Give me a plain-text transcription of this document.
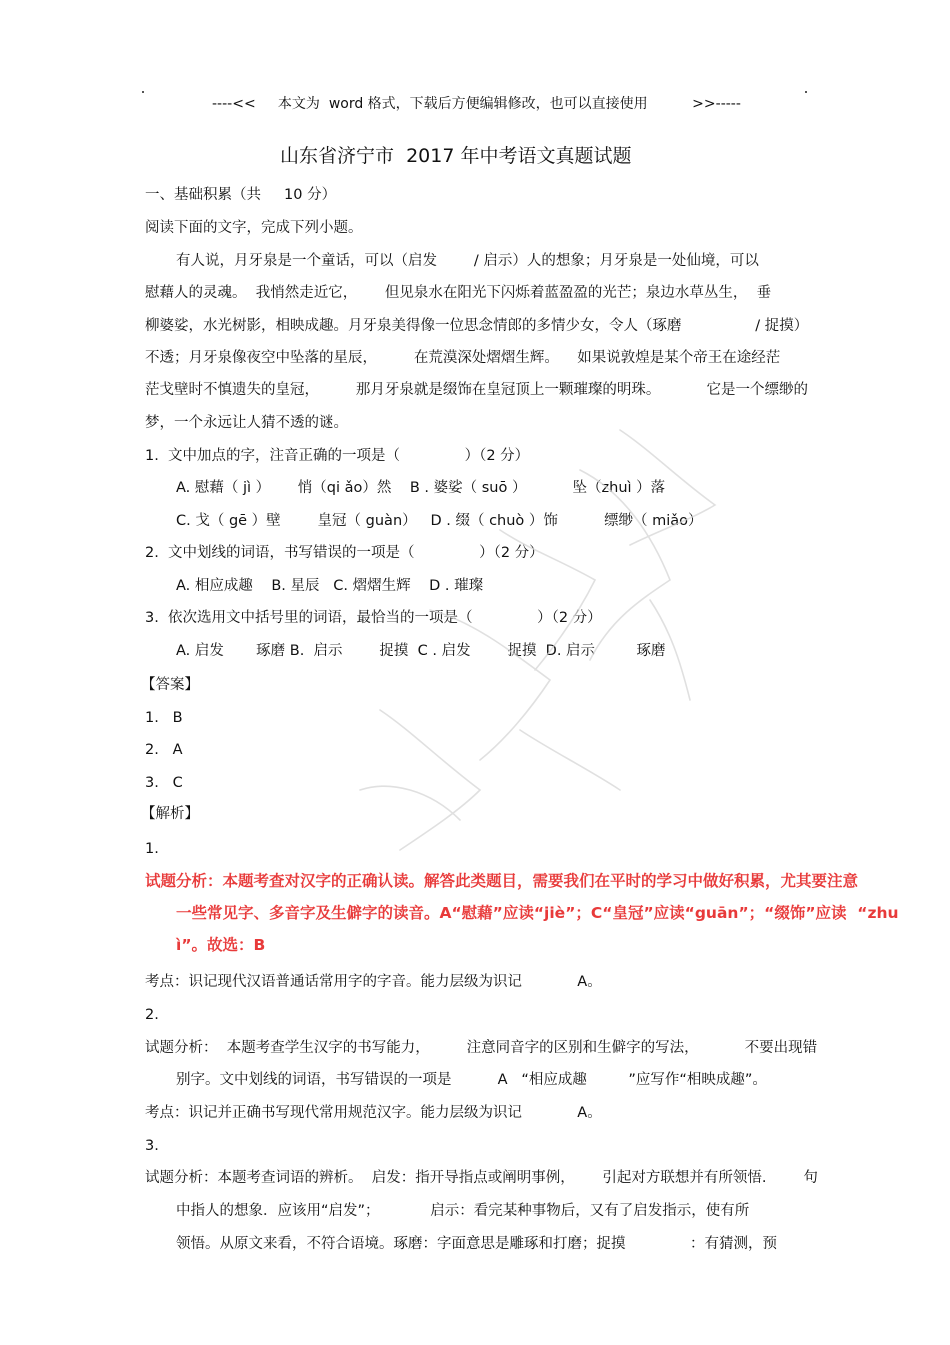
----<<     本文为  word 格式，下载后方便编辑修改，也可以直接使用          >>-----
山东省济宁市  2017 年中考语文真题试题
一、基础积累（共     10 分）
阅读下面的文字，完成下列小题。
有人说，月牙泉是一个童话，可以（启发        / 启示）人的想象；月牙泉是一处仙境，可以
慰藉人的灵魂。  我悄然走近它，      但见泉水在阳光下闪烁着蓝盈盈的光芒；泉边水草丛生，  垂
柳婆娑，水光树影，相映成趣。月牙泉美得像一位思念情郎的多情少女，令人（琢磨                / 捉摸）
不透；月牙泉像夜空中坠落的星辰，        在荒漠深处熠熠生辉。    如果说敦煌是某个帝王在途经茫
茫戈壁时不慎遗失的皇冠，        那月牙泉就是缀饰在皇冠顶上一颗璀璨的明珠。          它是一个缥缈的
梦，一个永远让人猜不透的谜。
1.  文中加点的字，注音正确的一项是（              ）（2 分）
A. 慰藉（ jì ）      悄（qi ǎo）然    B . 婆娑（ suō ）          坠（zhuì ）落
C. 戈（ gē ）壁        皇冠（ guàn）   D . 缀（ chuò ）饰          缥缈（ miǎo）
2.  文中划线的词语，书写错误的一项是（              ）（2 分）
A. 相应成趣    B. 星辰   C. 熠熠生辉    D . 璀璨
3.  依次选用文中括号里的词语，最恰当的一项是（              ）（2 分）
A. 启发       琢磨 B.  启示        捉摸  C . 启发        捉摸  D. 启示         琢磨
【答案】
1.   B
2.   A
3.   C
【解析】
1.
试题分析：本题考查对汉字的正确认读。解答此类题目，需要我们在平时的学习中做好积累，尤其要注意
一些常见字、多音字及生僻字的读音。A“慰藉”应读“jiè”；C“皇冠”应读“guān”；“缀饰”应读  “zhu
ì”。故选：B
考点：识记现代汉语普通话常用字的字音。能力层级为识记            A。
2.
试题分析：  本题考查学生汉字的书写能力，        注意同音字的区别和生僻字的写法，          不要出现错
别字。文中划线的词语，书写错误的一项是          A   “相应成趣         ”应写作“相映成趣”。
考点：识记并正确书写现代常用规范汉字。能力层级为识记            A。
3.
试题分析：本题考查词语的辨析。  启发：指开导指点或阐明事例，      引起对方联想并有所领悟.        句
中指人的想象．应该用“启发”；           启示：看完某种事物后，又有了启发指示，使有所
领悟。从原文来看，不符合语境。琢磨：字面意思是雕琢和打磨；捉摸              ：有猜测，预
